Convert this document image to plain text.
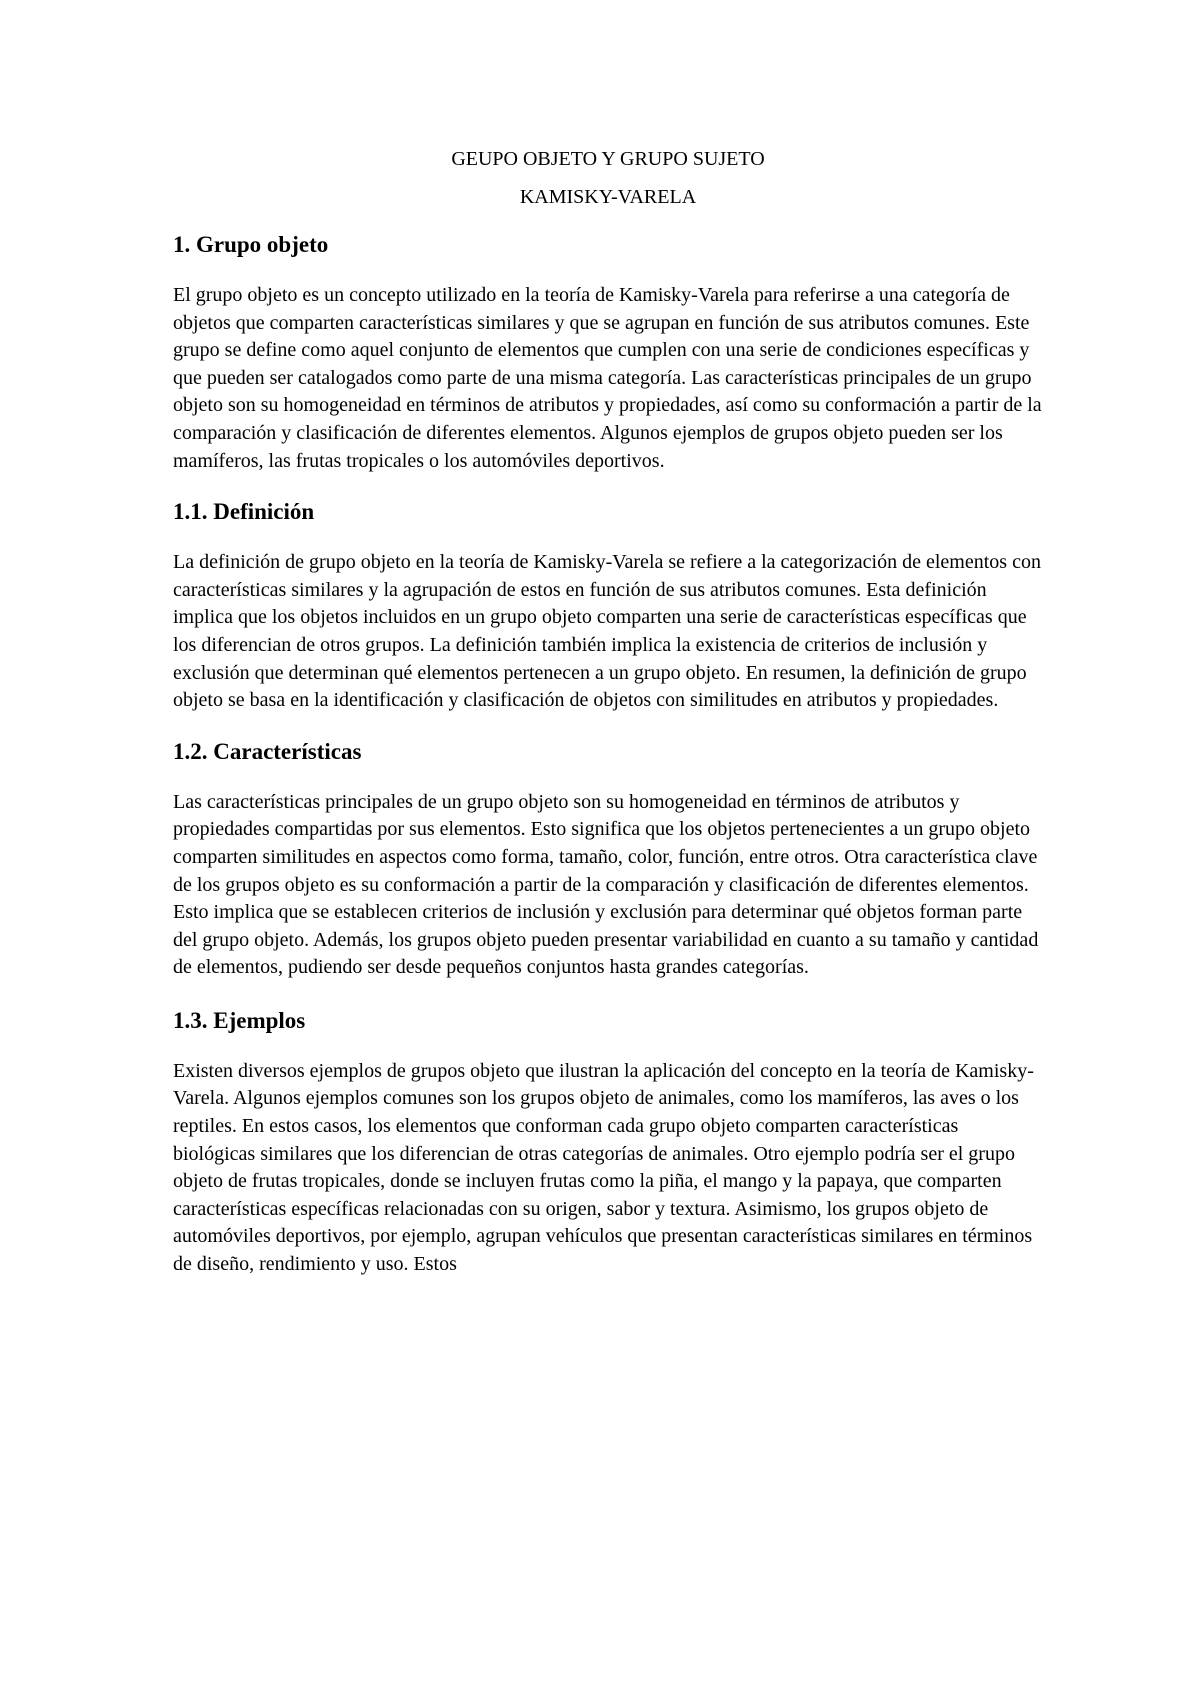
GEUPO OBJETO Y GRUPO SUJETO
KAMISKY-VARELA
1. Grupo objeto

El grupo objeto es un concepto utilizado en la teoría de Kamisky-Varela para referirse a una categoría de objetos que comparten características similares y que se agrupan en función de sus atributos comunes. Este grupo se define como aquel conjunto de elementos que cumplen con una serie de condiciones específicas y que pueden ser catalogados como parte de una misma categoría. Las características principales de un grupo objeto son su homogeneidad en términos de atributos y propiedades, así como su conformación a partir de la comparación y clasificación de diferentes elementos. Algunos ejemplos de grupos objeto pueden ser los mamíferos, las frutas tropicales o los automóviles deportivos.

1.1. Definición

La definición de grupo objeto en la teoría de Kamisky-Varela se refiere a la categorización de elementos con características similares y la agrupación de estos en función de sus atributos comunes. Esta definición implica que los objetos incluidos en un grupo objeto comparten una serie de características específicas que los diferencian de otros grupos. La definición también implica la existencia de criterios de inclusión y exclusión que determinan qué elementos pertenecen a un grupo objeto. En resumen, la definición de grupo objeto se basa en la identificación y clasificación de objetos con similitudes en atributos y propiedades.

1.2. Características

Las características principales de un grupo objeto son su homogeneidad en términos de atributos y propiedades compartidas por sus elementos. Esto significa que los objetos pertenecientes a un grupo objeto comparten similitudes en aspectos como forma, tamaño, color, función, entre otros. Otra característica clave de los grupos objeto es su conformación a partir de la comparación y clasificación de diferentes elementos. Esto implica que se establecen criterios de inclusión y exclusión para determinar qué objetos forman parte del grupo objeto. Además, los grupos objeto pueden presentar variabilidad en cuanto a su tamaño y cantidad de elementos, pudiendo ser desde pequeños conjuntos hasta grandes categorías.

1.3. Ejemplos

Existen diversos ejemplos de grupos objeto que ilustran la aplicación del concepto en la teoría de Kamisky-Varela. Algunos ejemplos comunes son los grupos objeto de animales, como los mamíferos, las aves o los reptiles. En estos casos, los elementos que conforman cada grupo objeto comparten características biológicas similares que los diferencian de otras categorías de animales. Otro ejemplo podría ser el grupo objeto de frutas tropicales, donde se incluyen frutas como la piña, el mango y la papaya, que comparten características específicas relacionadas con su origen, sabor y textura. Asimismo, los grupos objeto de automóviles deportivos, por ejemplo, agrupan vehículos que presentan características similares en términos de diseño, rendimiento y uso. Estos
